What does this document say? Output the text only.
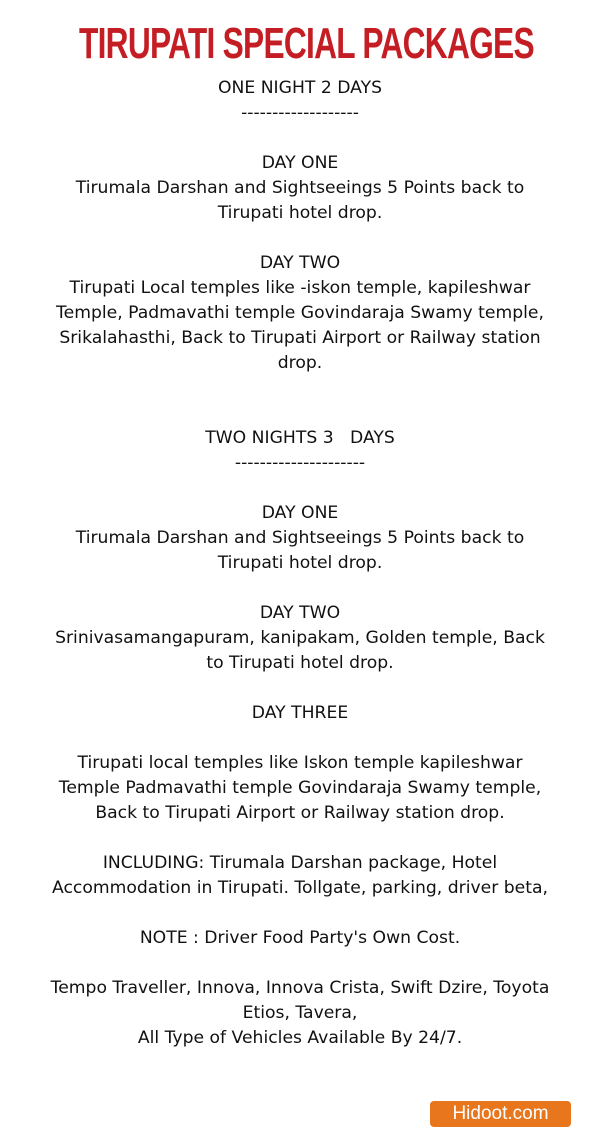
TIRUPATI SPECIAL PACKAGES
ONE NIGHT 2 DAYS
-------------------
DAY ONE
Tirumala Darshan and Sightseeings 5 Points back to
Tirupati hotel drop.
DAY TWO
Tirupati Local temples like -iskon temple, kapileshwar
Temple, Padmavathi temple Govindaraja Swamy temple,
Srikalahasthi, Back to Tirupati Airport or Railway station
drop.
TWO NIGHTS 3   DAYS
---------------------
DAY ONE
Tirumala Darshan and Sightseeings 5 Points back to
Tirupati hotel drop.
DAY TWO
Srinivasamangapuram, kanipakam, Golden temple, Back
to Tirupati hotel drop.
DAY THREE
Tirupati local temples like Iskon temple kapileshwar
Temple Padmavathi temple Govindaraja Swamy temple,
Back to Tirupati Airport or Railway station drop.
INCLUDING: Tirumala Darshan package, Hotel
Accommodation in Tirupati. Tollgate, parking, driver beta,
NOTE : Driver Food Party's Own Cost.
Tempo Traveller, Innova, Innova Crista, Swift Dzire, Toyota
Etios, Tavera,
All Type of Vehicles Available By 24/7.
Hidoot.com
